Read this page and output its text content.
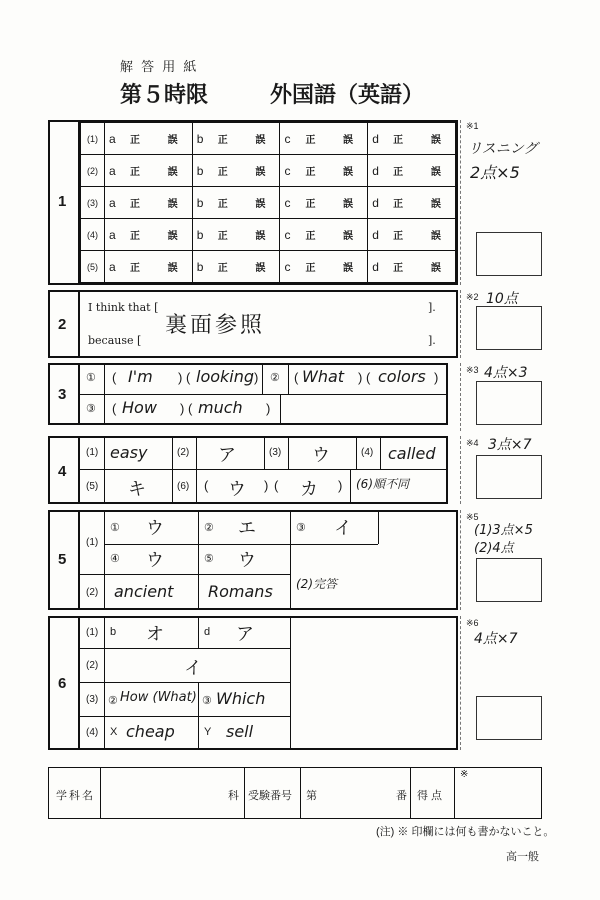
解 答 用 紙
第５時限	外国語（英語）
1
(1)	a	正	誤	b	正	誤	c	正	誤	d	正	誤
(2)	a	正	誤	b	正	誤	c	正	誤	d	正	誤
(3)	a	正	誤	b	正	誤	c	正	誤	d	正	誤
(4)	a	正	誤	b	正	誤	c	正	誤	d	正	誤
(5)	a	正	誤	b	正	誤	c	正	誤	d	正	誤
※1
リスニング
2点×5
2
I think that [	].
because [	].
裏面参照
※2 10点
3
① ( I'm ) ( looking ) ② ( What ) ( colors )
③ ( How ) ( much )
※3 4点×3
4
(1) easy	(2) ア	(3) ウ	(4) called
(5) キ	(6) ( ウ ) ( カ ) (6)順不同
※4 3点×7
5
(1)
① ウ	② エ	③ イ
④ ウ	⑤ ウ
(2) ancient Romans (2)完答
※5
(1)3点×5
(2)4点
6
(1) b オ	d ア
(2)	イ
(3) ② How (What) ③ Which
(4) X cheap	Y sell
※6
4点×7
学科名	科 受験番号 第	番 得 点
※
(注) ※ 印欄には何も書かないこと。
高一般
